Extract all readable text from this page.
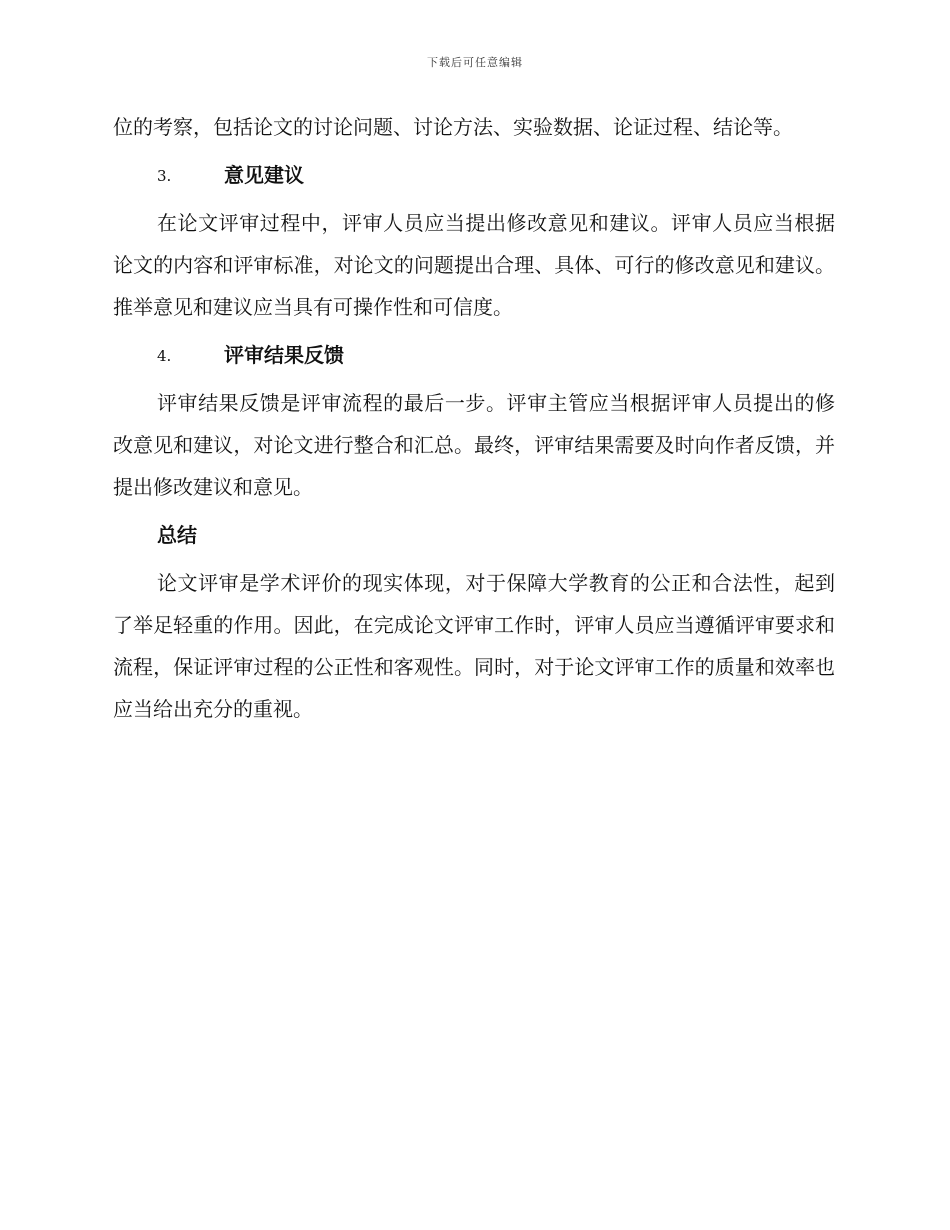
下载后可任意编辑

位的考察，包括论文的讨论问题、讨论方法、实验数据、论证过程、结论等。

3.	意见建议

在论文评审过程中，评审人员应当提出修改意见和建议。评审人员应当根据论文的内容和评审标准，对论文的问题提出合理、具体、可行的修改意见和建议。推举意见和建议应当具有可操作性和可信度。

4.	评审结果反馈

评审结果反馈是评审流程的最后一步。评审主管应当根据评审人员提出的修改意见和建议，对论文进行整合和汇总。最终，评审结果需要及时向作者反馈，并提出修改建议和意见。

总结

论文评审是学术评价的现实体现，对于保障大学教育的公正和合法性，起到了举足轻重的作用。因此，在完成论文评审工作时，评审人员应当遵循评审要求和流程，保证评审过程的公正性和客观性。同时，对于论文评审工作的质量和效率也应当给出充分的重视。
